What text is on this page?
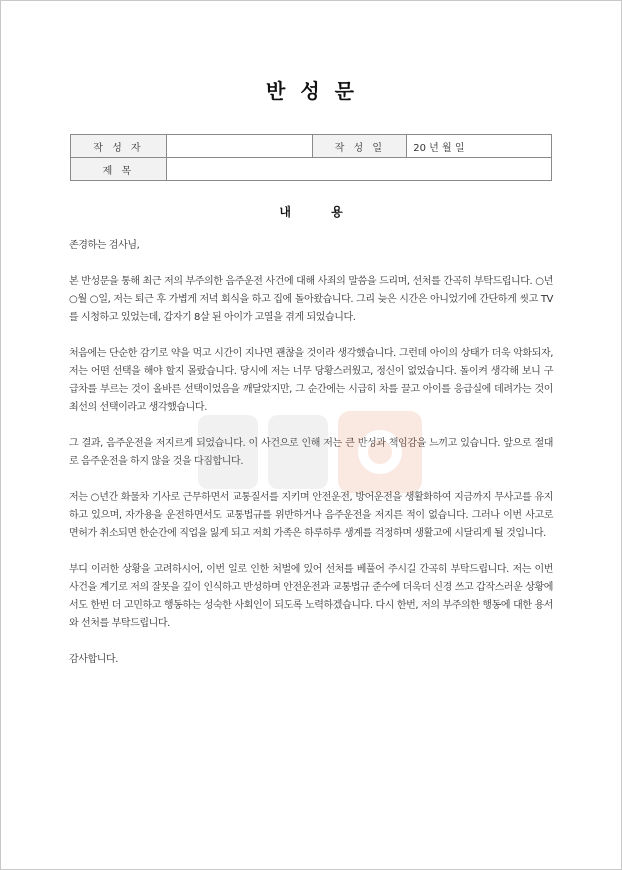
반 성 문
작 성 자		작 성 일	20 년 월 일
제 목			
내 용

존경하는 검사님,

본 반성문을 통해 최근 저의 부주의한 음주운전 사건에 대해 사죄의 말씀을 드리며, 선처를 간곡히 부탁드립니다. ○년 ○월 ○일, 저는 퇴근 후 가볍게 저녁 회식을 하고 집에 돌아왔습니다. 그리 늦은 시간은 아니었기에 간단하게 씻고 TV를 시청하고 있었는데, 갑자기 8살 된 아이가 고열을 겪게 되었습니다.

처음에는 단순한 감기로 약을 먹고 시간이 지나면 괜찮을 것이라 생각했습니다. 그런데 아이의 상태가 더욱 악화되자, 저는 어떤 선택을 해야 할지 몰랐습니다. 당시에 저는 너무 당황스러웠고, 정신이 없었습니다. 돌이켜 생각해 보니 구급차를 부르는 것이 올바른 선택이었음을 깨달았지만, 그 순간에는 시급히 차를 끌고 아이를 응급실에 데려가는 것이 최선의 선택이라고 생각했습니다.

그 결과, 음주운전을 저지르게 되었습니다. 이 사건으로 인해 저는 큰 반성과 책임감을 느끼고 있습니다. 앞으로 절대로 음주운전을 하지 않을 것을 다짐합니다.

저는 ○년간 화물차 기사로 근무하면서 교통질서를 지키며 안전운전, 방어운전을 생활화하여 지금까지 무사고를 유지하고 있으며, 자가용을 운전하면서도 교통법규를 위반하거나 음주운전을 저지른 적이 없습니다. 그러나 이번 사고로 면허가 취소되면 한순간에 직업을 잃게 되고 저희 가족은 하루하루 생계를 걱정하며 생활고에 시달리게 될 것입니다.

부디 이러한 상황을 고려하시어, 이번 일로 인한 처벌에 있어 선처를 베풀어 주시길 간곡히 부탁드립니다. 저는 이번 사건을 계기로 저의 잘못을 깊이 인식하고 반성하며 안전운전과 교통법규 준수에 더욱더 신경 쓰고 갑작스러운 상황에서도 한번 더 고민하고 행동하는 성숙한 사회인이 되도록 노력하겠습니다. 다시 한번, 저의 부주의한 행동에 대한 용서와 선처를 부탁드립니다.

감사합니다.
